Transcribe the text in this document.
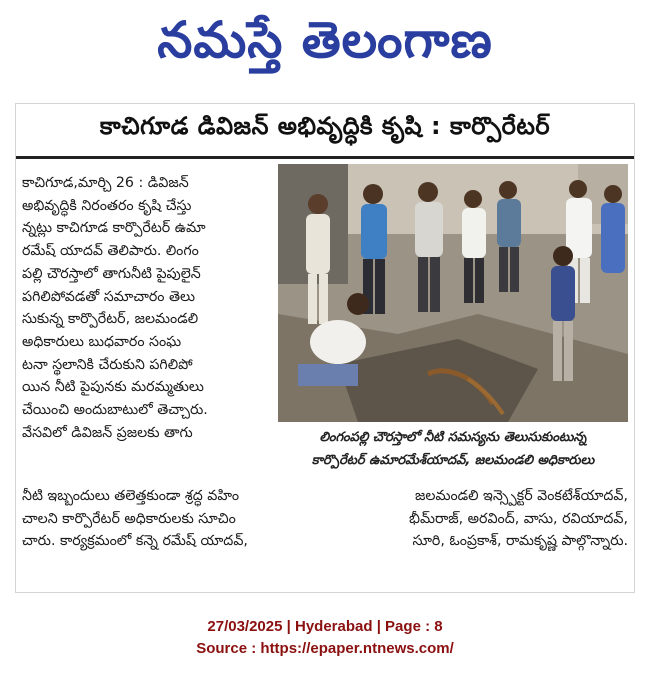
నమస్తే తెలంగాణ
కాచిగూడ డివిజన్ అభివృద్ధికి కృషి : కార్పొరేటర్
కాచిగూడ,మార్చి 26 : డివిజన్
అభివృద్ధికి నిరంతరం కృషి చేస్తు
న్నట్లు కాచిగూడ కార్పొరేటర్ ఉమా
రమేష్ యాదవ్ తెలిపారు. లింగం
పల్లి చౌరస్తాలో తాగునీటి పైపులైన్
పగిలిపోవడతో సమాచారం తెలు
సుకున్న కార్పొరేటర్, జలమండలి
అధికారులు బుధవారం సంఘ
టనా స్థలానికి చేరుకుని పగిలిపో
యిన నీటి పైపునకు మరమ్మతులు
చేయించి అందుబాటులో తెచ్చారు.
వేసవిలో డివిజన్ ప్రజలకు తాగు	లింగంపల్లి చౌరస్తాలో నీటి సమస్యను తెలుసుకుంటున్న
కార్పొరేటర్ ఉమారమేశ్‌యాదవ్, జలమండలి అధికారులు
నీటి ఇబ్బందులు తలెత్తకుండా శ్రద్ధ వహిం	జలమండలి ఇన్స్పెక్టర్ వెంకటేశ్‌యాదవ్,
చాలని కార్పొరేటర్ అధికారులకు సూచిం	భీమ్‌రాజ్, అరవింద్, వాసు, రవియాదవ్,
చారు. కార్యక్రమంలో కన్నె రమేష్ యాదవ్,	సూరి, ఓంప్రకాశ్, రామకృష్ణ పాల్గొన్నారు.
27/03/2025 | Hyderabad | Page : 8
Source : https://epaper.ntnews.com/
